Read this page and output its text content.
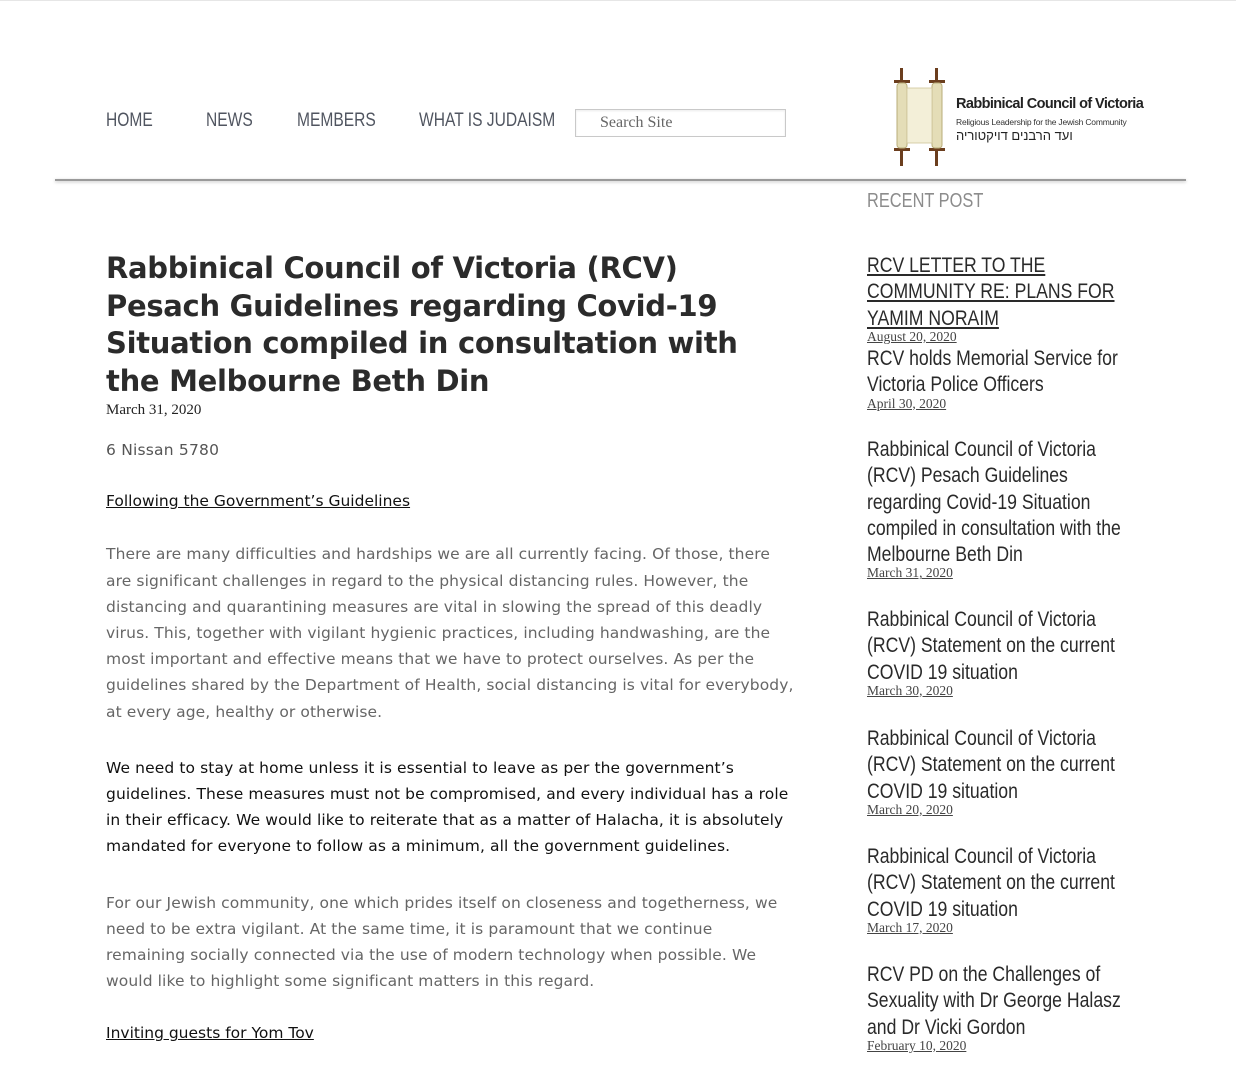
HOME	NEWS MEMBERS WHAT IS JUDAISM
Search Site
Rabbinical Council of Victoria
Religious Leadership for the Jewish Community
ועד הרבנים דויקטוריה
Rabbinical Council of Victoria (RCV) Pesach Guidelines regarding Covid-19 Situation compiled in consultation with the Melbourne Beth Din
March 31, 2020
6 Nissan 5780
Following the Government’s Guidelines

There are many difficulties and hardships we are all currently facing. Of those, there are significant challenges in regard to the physical distancing rules. However, the distancing and quarantining measures are vital in slowing the spread of this deadly virus. This, together with vigilant hygienic practices, including handwashing, are the most important and effective means that we have to protect ourselves. As per the guidelines shared by the Department of Health, social distancing is vital for everybody, at every age, healthy or otherwise.

We need to stay at home unless it is essential to leave as per the government’s guidelines. These measures must not be compromised, and every individual has a role in their efficacy. We would like to reiterate that as a matter of Halacha, it is absolutely mandated for everyone to follow as a minimum, all the government guidelines.

For our Jewish community, one which prides itself on closeness and togetherness, we need to be extra vigilant. At the same time, it is paramount that we continue remaining socially connected via the use of modern technology when possible. We would like to highlight some significant matters in this regard.

Inviting guests for Yom Tov
RECENT POST
RCV LETTER TO THE COMMUNITY RE: PLANS FOR YAMIM NORAIM
August 20, 2020
RCV holds Memorial Service for Victoria Police Officers
April 30, 2020
Rabbinical Council of Victoria (RCV) Pesach Guidelines regarding Covid-19 Situation compiled in consultation with the Melbourne Beth Din
March 31, 2020
Rabbinical Council of Victoria (RCV) Statement on the current COVID 19 situation
March 30, 2020
Rabbinical Council of Victoria (RCV) Statement on the current COVID 19 situation
March 20, 2020
Rabbinical Council of Victoria (RCV) Statement on the current COVID 19 situation
March 17, 2020
RCV PD on the Challenges of Sexuality with Dr George Halasz and Dr Vicki Gordon
February 10, 2020
